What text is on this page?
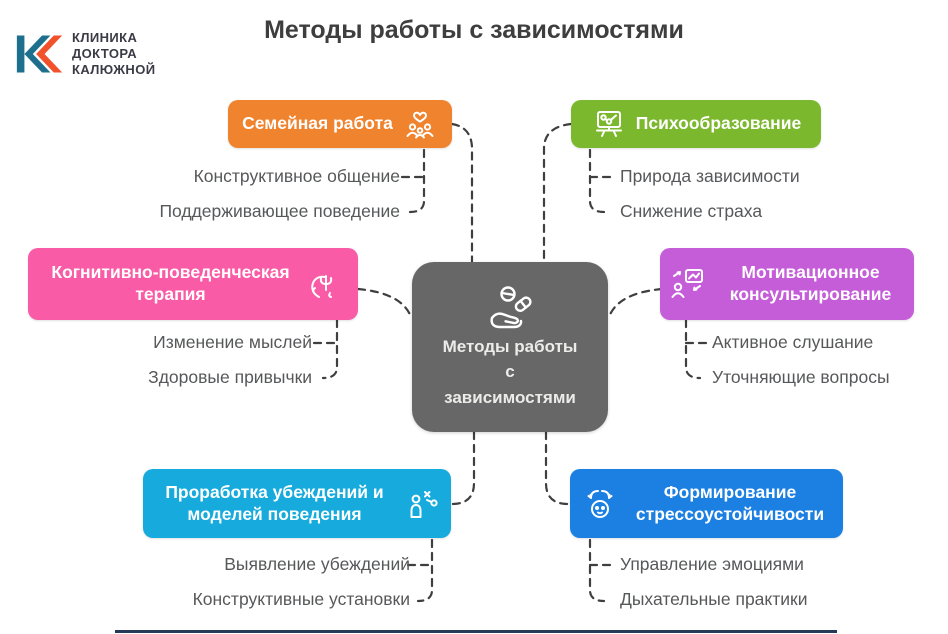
КЛИНИКА
ДОКТОРА
КАЛЮЖНОЙ
Методы работы с зависимостями
Методы работы
с
зависимостями
Семейная работа
Конструктивное общение
Поддерживающее поведение
Психообразование
Природа зависимости
Снижение страха
Когнитивно-поведенческая терапия
Изменение мыслей
Здоровые привычки
Мотивационное консультирование
Активное слушание
Уточняющие вопросы
Проработка убеждений и моделей поведения
Выявление убеждений
Конструктивные установки
Формирование стрессоустойчивости
Управление эмоциями
Дыхательные практики
